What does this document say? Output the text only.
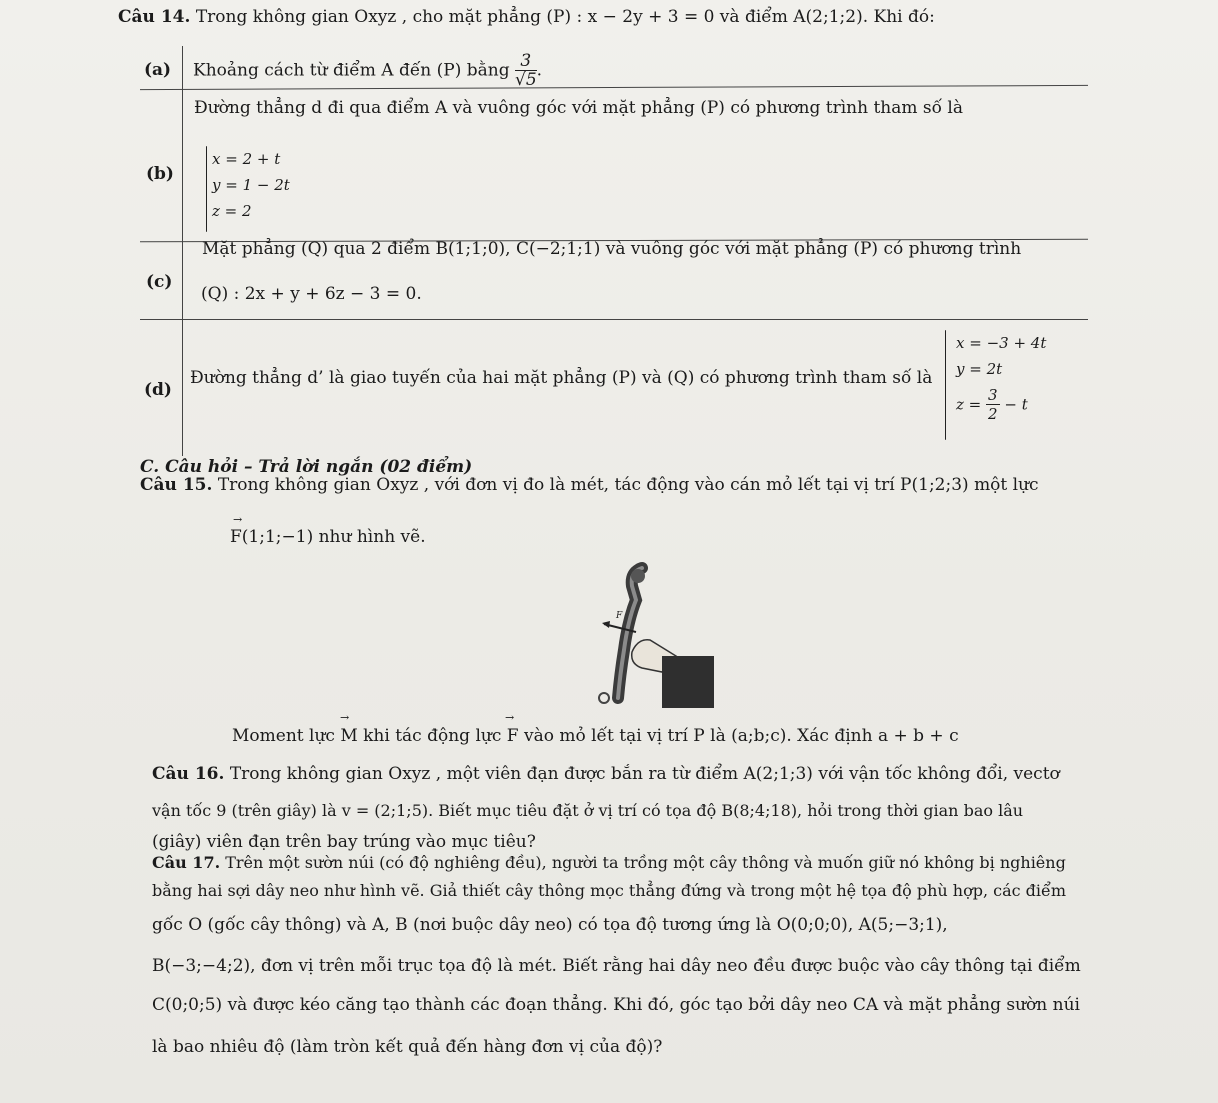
Câu 14. Trong không gian Oxyz , cho mặt phẳng (P) : x − 2y + 3 = 0 và điểm A(2;1;2). Khi đó:
(a) Khoảng cách từ điểm A đến (P) bằng $\frac{3}{√5}$ .
(b)
Đường thẳng d đi qua điểm A và vuông góc với mặt phẳng (P) có phương trình tham số là
x = 2 + t
y = 1 − 2t
z = 2
(c)
Mặt phẳng (Q) qua 2 điểm B(1;1;0), C(−2;1;1) và vuông góc với mặt phẳng (P) có phương trình
(Q) : 2x + y + 6z − 3 = 0.
(d)
Đường thẳng d’ là giao tuyến của hai mặt phẳng (P) và (Q) có phương trình tham số là
x = −3 + 4t
y = 2t
$z = \frac{3}{2} - t$
C. Câu hỏi – Trả lời ngắn (02 điểm)
Câu 15. Trong không gian Oxyz , với đơn vị đo là mét, tác động vào cán mỏ lết tại vị trí P(1;2;3) một lực
F(1;1;−1) như hình vẽ.
→
F
Moment lực M khi tác động lực F vào mỏ lết tại vị trí P là (a;b;c). Xác định a + b + c
→	→
Câu 16. Trong không gian Oxyz , một viên đạn được bắn ra từ điểm A(2;1;3) với vận tốc không đổi, vectơ
vận tốc 9 (trên giây) là v = (2;1;5). Biết mục tiêu đặt ở vị trí có tọa độ B(8;4;18), hỏi trong thời gian bao lâu
(giây) viên đạn trên bay trúng vào mục tiêu?
Câu 17. Trên một sườn núi (có độ nghiêng đều), người ta trồng một cây thông và muốn giữ nó không bị nghiêng
bằng hai sợi dây neo như hình vẽ. Giả thiết cây thông mọc thẳng đứng và trong một hệ tọa độ phù hợp, các điểm
gốc O (gốc cây thông) và A, B (nơi buộc dây neo) có tọa độ tương ứng là O(0;0;0), A(5;−3;1),
B(−3;−4;2), đơn vị trên mỗi trục tọa độ là mét. Biết rằng hai dây neo đều được buộc vào cây thông tại điểm
C(0;0;5) và được kéo căng tạo thành các đoạn thẳng. Khi đó, góc tạo bởi dây neo CA và mặt phẳng sườn núi
là bao nhiêu độ (làm tròn kết quả đến hàng đơn vị của độ)?
